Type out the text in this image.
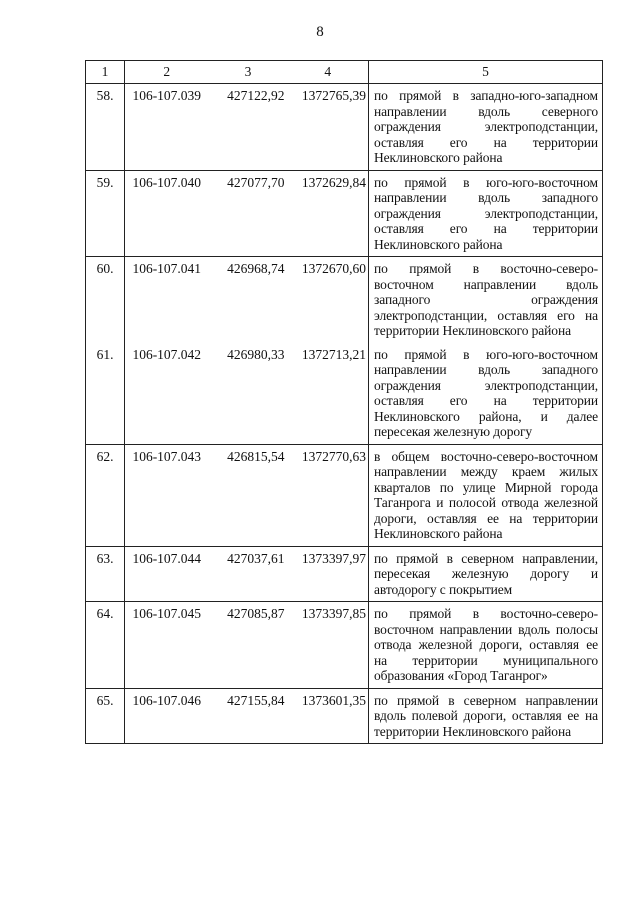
8
1	2	3	4	5
58.	106-107.039	427122,92	1372765,39	по прямой в западно-юго-западном направлении вдоль северного ограждения электроподстанции, оставляя его на территории Неклиновского района
59.	106-107.040	427077,70	1372629,84	по прямой в юго-юго-восточном направлении вдоль западного ограждения электроподстанции, оставляя его на территории Неклиновского района
60.	106-107.041	426968,74	1372670,60	по прямой в восточно-северо-восточном направлении вдоль западного ограждения электроподстанции, оставляя его на территории Неклиновского района
61.	106-107.042	426980,33	1372713,21	по прямой в юго-юго-восточном направлении вдоль западного ограждения электроподстанции, оставляя его на территории Неклиновского района, и далее пересекая железную дорогу
62.	106-107.043	426815,54	1372770,63	в общем восточно-северо-восточном направлении между краем жилых кварталов по улице Мирной города Таганрога и полосой отвода железной дороги, оставляя ее на территории Неклиновского района
63.	106-107.044	427037,61	1373397,97	по прямой в северном направлении, пересекая железную дорогу и автодорогу с покрытием
64.	106-107.045	427085,87	1373397,85	по прямой в восточно-северо-восточном направлении вдоль полосы отвода железной дороги, оставляя ее на территории муниципального образования «Город Таганрог»
65.	106-107.046	427155,84	1373601,35	по прямой в северном направлении вдоль полевой дороги, оставляя ее на территории Неклиновского района
